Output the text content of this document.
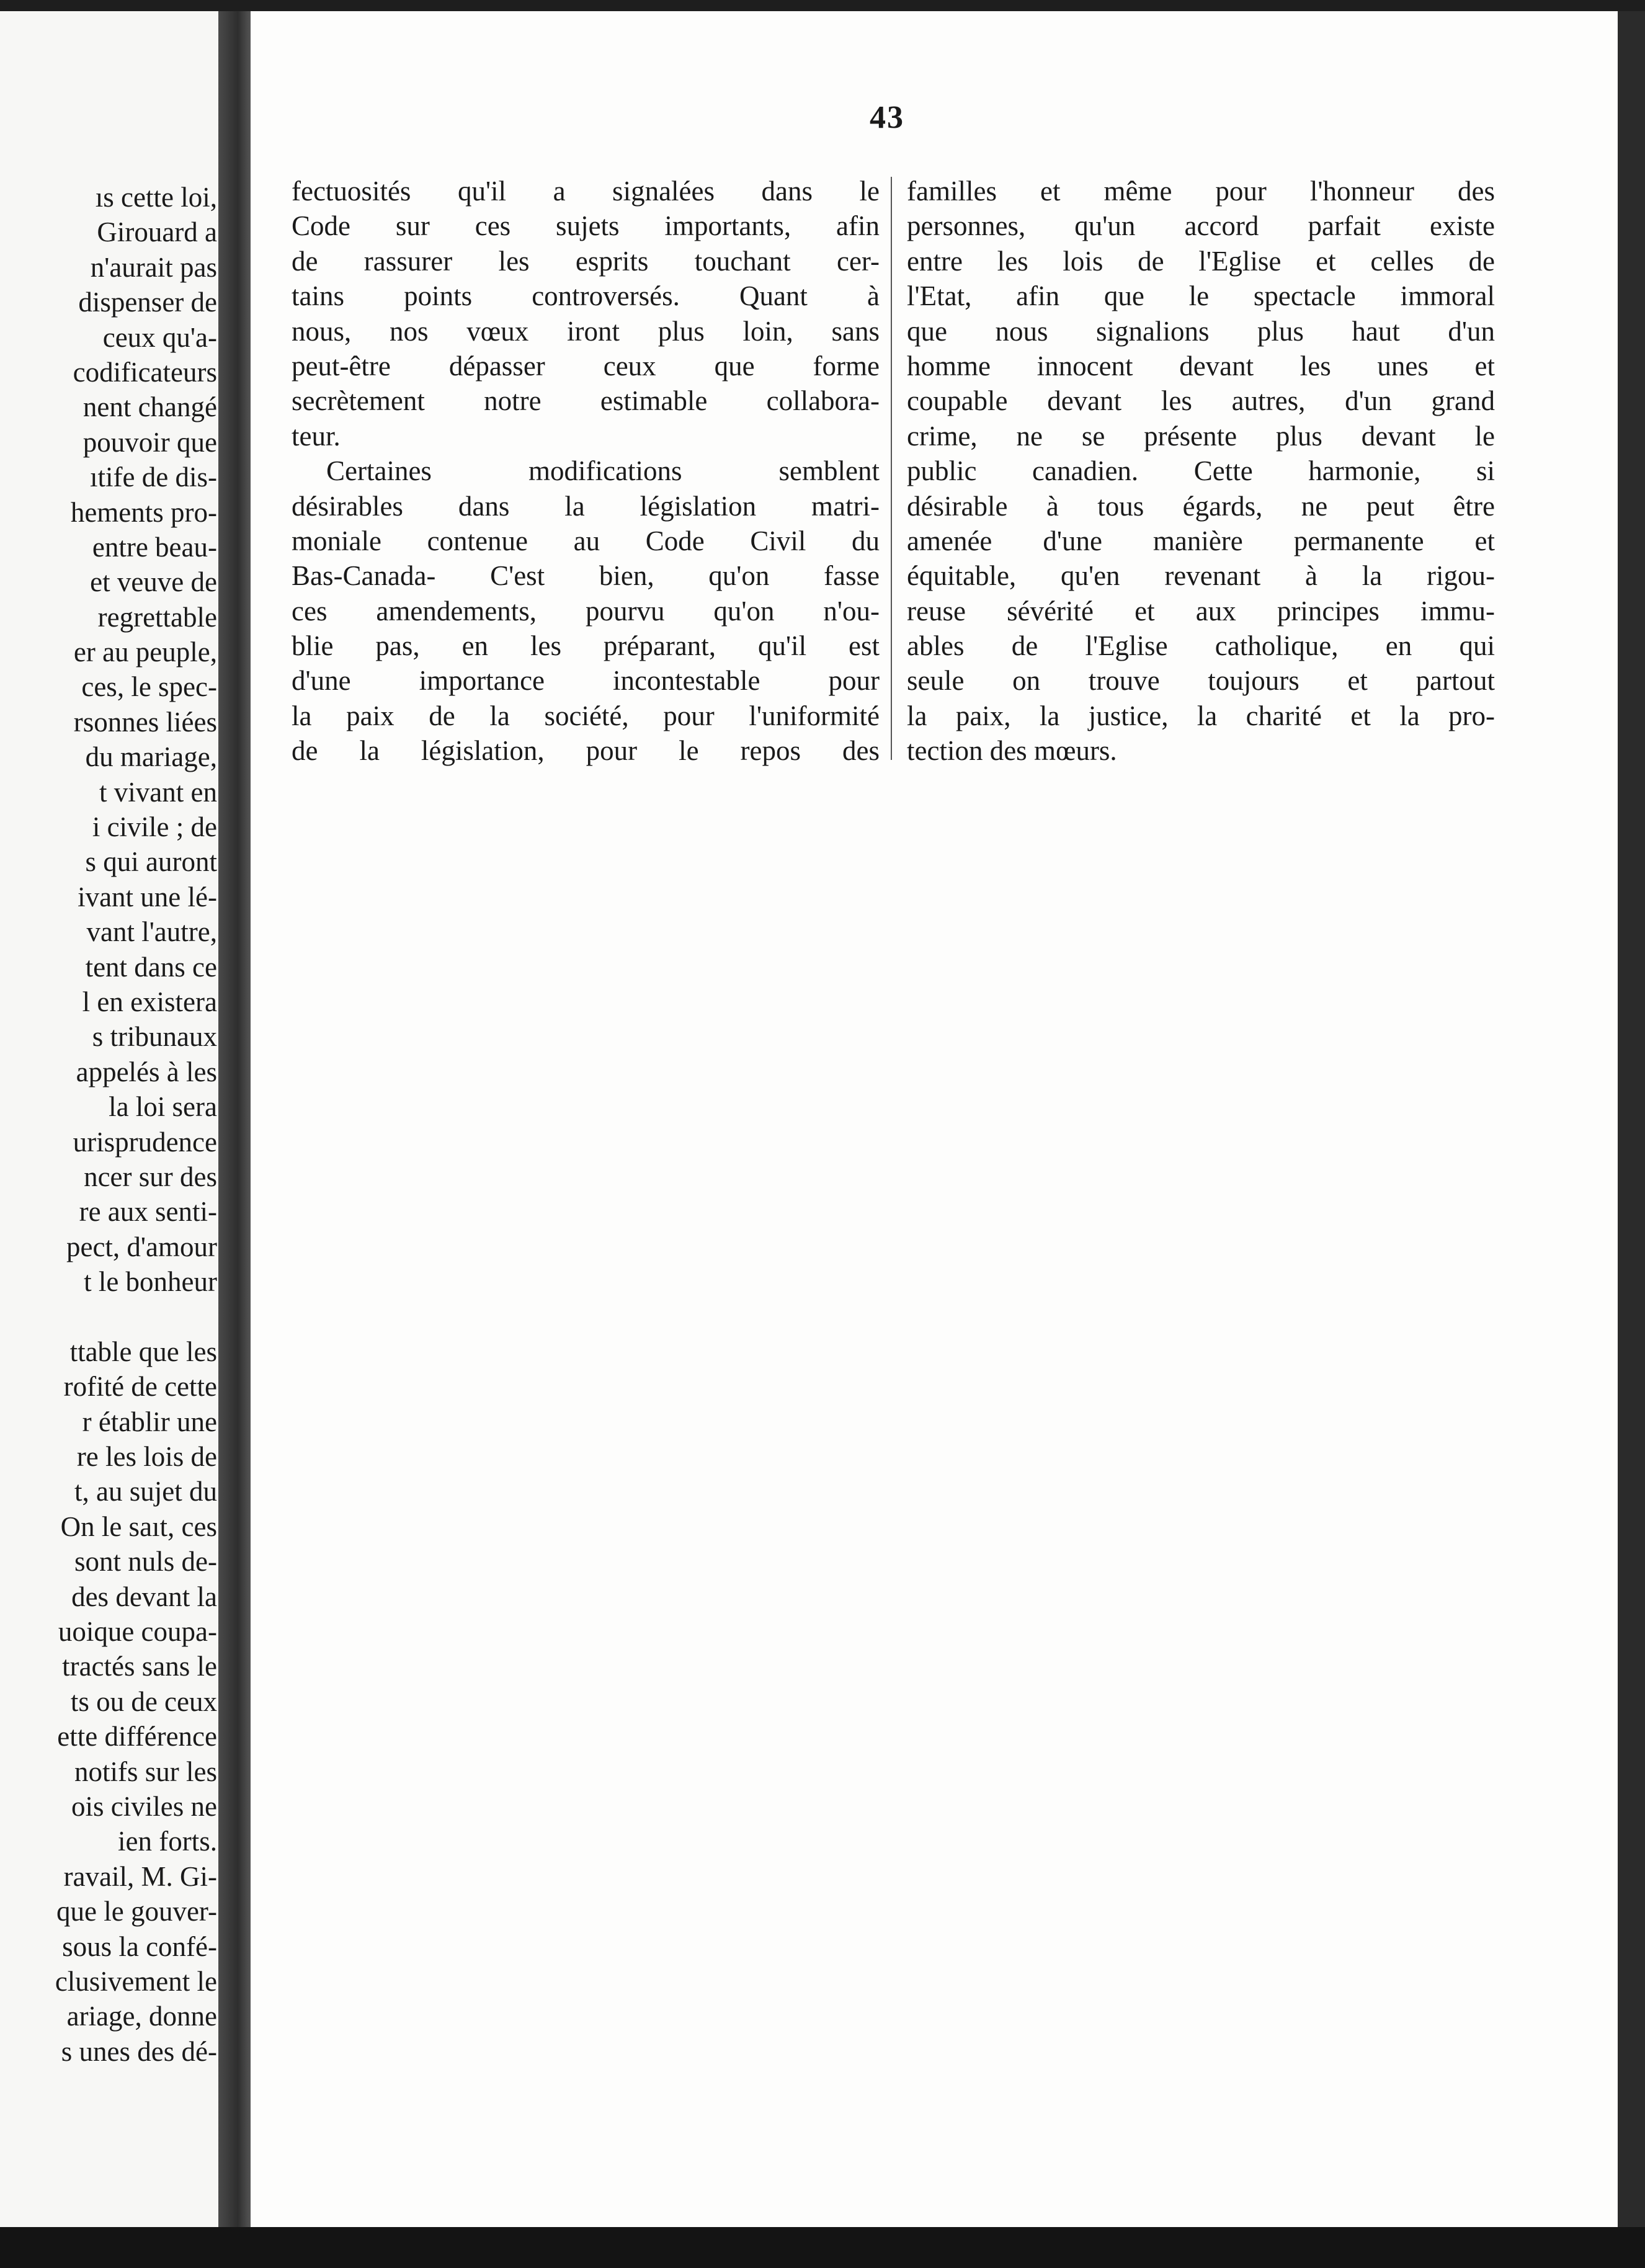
ıs cette loi,
Girouard a
n'aurait pas
dispenser de
ceux qu'a-
codificateurs
nent changé
pouvoir que
ıtife de dis-
hements pro-
entre beau-
et veuve de
regrettable
er au peuple,
ces, le spec-
rsonnes liées
du mariage,
t vivant en
i civile ; de
s qui auront
ivant une lé-
vant l'autre,
tent dans ce
l en existera
s tribunaux
appelés à les
la loi sera
urisprudence
ncer sur des
re aux senti-
pect, d'amour
t le bonheur
ttable que les
rofité de cette
r établir une
re les lois de
t, au sujet du
On le saıt, ces
sont nuls de-
des devant la
uoique coupa-
tractés sans le
ts ou de ceux
ette différence
notifs sur les
ois civiles ne
ien forts.
ravail, M. Gi-
que le gouver-
sous la confé-
clusivement le
ariage, donne
s unes des dé-
43
fectuosités qu'il a signalées dans le
Code sur ces sujets importants, afin
de rassurer les esprits touchant cer-
tains points controversés. Quant à
nous, nos vœux iront plus loin, sans
peut-être dépasser ceux que forme
secrètement notre estimable collabora-
teur.
Certaines modifications semblent
désirables dans la législation matri-
moniale contenue au Code Civil du
Bas-Canada- C'est bien, qu'on fasse
ces amendements, pourvu qu'on n'ou-
blie pas, en les préparant, qu'il est
d'une importance incontestable pour
la paix de la société, pour l'uniformité
de la législation, pour le repos des
familles et même pour l'honneur des
personnes, qu'un accord parfait existe
entre les lois de l'Eglise et celles de
l'Etat, afin que le spectacle immoral
que nous signalions plus haut d'un
homme innocent devant les unes et
coupable devant les autres, d'un grand
crime, ne se présente plus devant le
public canadien. Cette harmonie, si
désirable à tous égards, ne peut être
amenée d'une manière permanente et
équitable, qu'en revenant à la rigou-
reuse sévérité et aux principes immu-
ables de l'Eglise catholique, en qui
seule on trouve toujours et partout
la paix, la justice, la charité et la pro-
tection des mœurs.
